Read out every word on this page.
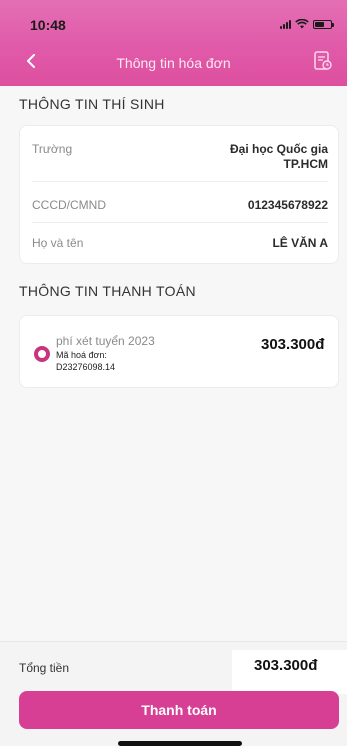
10:48
Thông tin hóa đơn
THÔNG TIN THÍ SINH
Trường	Đại học Quốc gia
TP.HCM
CCCD/CMND	012345678922
Họ và tên	LÊ VĂN A
THÔNG TIN THANH TOÁN
phí xét tuyển 2023
Mã hoá đơn:
D23276098.14
303.300đ
Tổng tiền	303.300đ
Thanh toán
